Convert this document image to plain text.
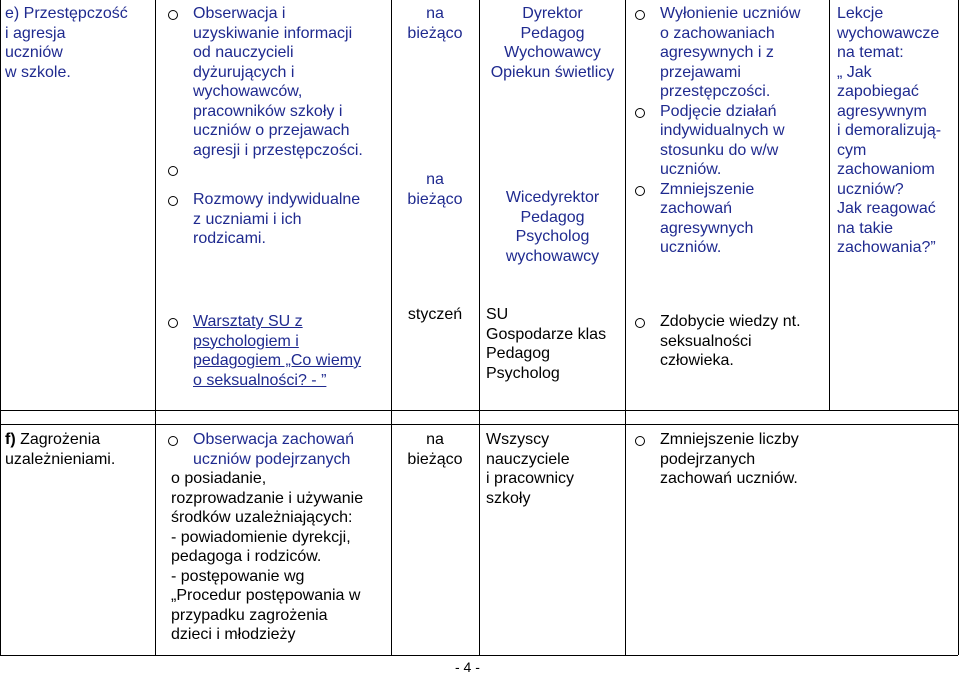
e) Przestępczość
i agresja
uczniów
w szkole.
Obserwacja i
uzyskiwanie informacji
od nauczycieli
dyżurujących i
wychowawców,
pracowników szkoły i
uczniów o przejawach
agresji i przestępczości.
Rozmowy indywidualne
z uczniami i ich
rodzicami.
na
bieżąco
na
bieżąco
Dyrektor
Pedagog
Wychowawcy
Opiekun świetlicy
Wicedyrektor
Pedagog
Psycholog
wychowawcy
Wyłonienie uczniów
o zachowaniach
agresywnych i z
przejawami
przestępczości.
Podjęcie działań
indywidualnych w
stosunku do w/w
uczniów.
Zmniejszenie
zachowań
agresywnych
uczniów.
Lekcje
wychowawcze
na temat:
„ Jak
zapobiegać
agresywnym
i demoralizują-
cym
zachowaniom
uczniów?
Jak reagować
na takie
zachowania?”
Warsztaty SU z
psychologiem i
pedagogiem „Co wiemy
o seksualności? - ”
styczeń	SU
Gospodarze klas
Pedagog
Psycholog
Zdobycie wiedzy nt.
seksualności
człowieka.
f) Zagrożenia
uzależnieniami.
Obserwacja zachowań
uczniów podejrzanych
o posiadanie,
rozprowadzanie i używanie
środków uzależniających:
- powiadomienie dyrekcji,
pedagoga i rodziców.
- postępowanie wg
„Procedur postępowania w
przypadku zagrożenia
dzieci i młodzieży
na
bieżąco
Wszyscy
nauczyciele
i pracownicy
szkoły
Zmniejszenie liczby
podejrzanych
zachowań uczniów.
- 4 -
